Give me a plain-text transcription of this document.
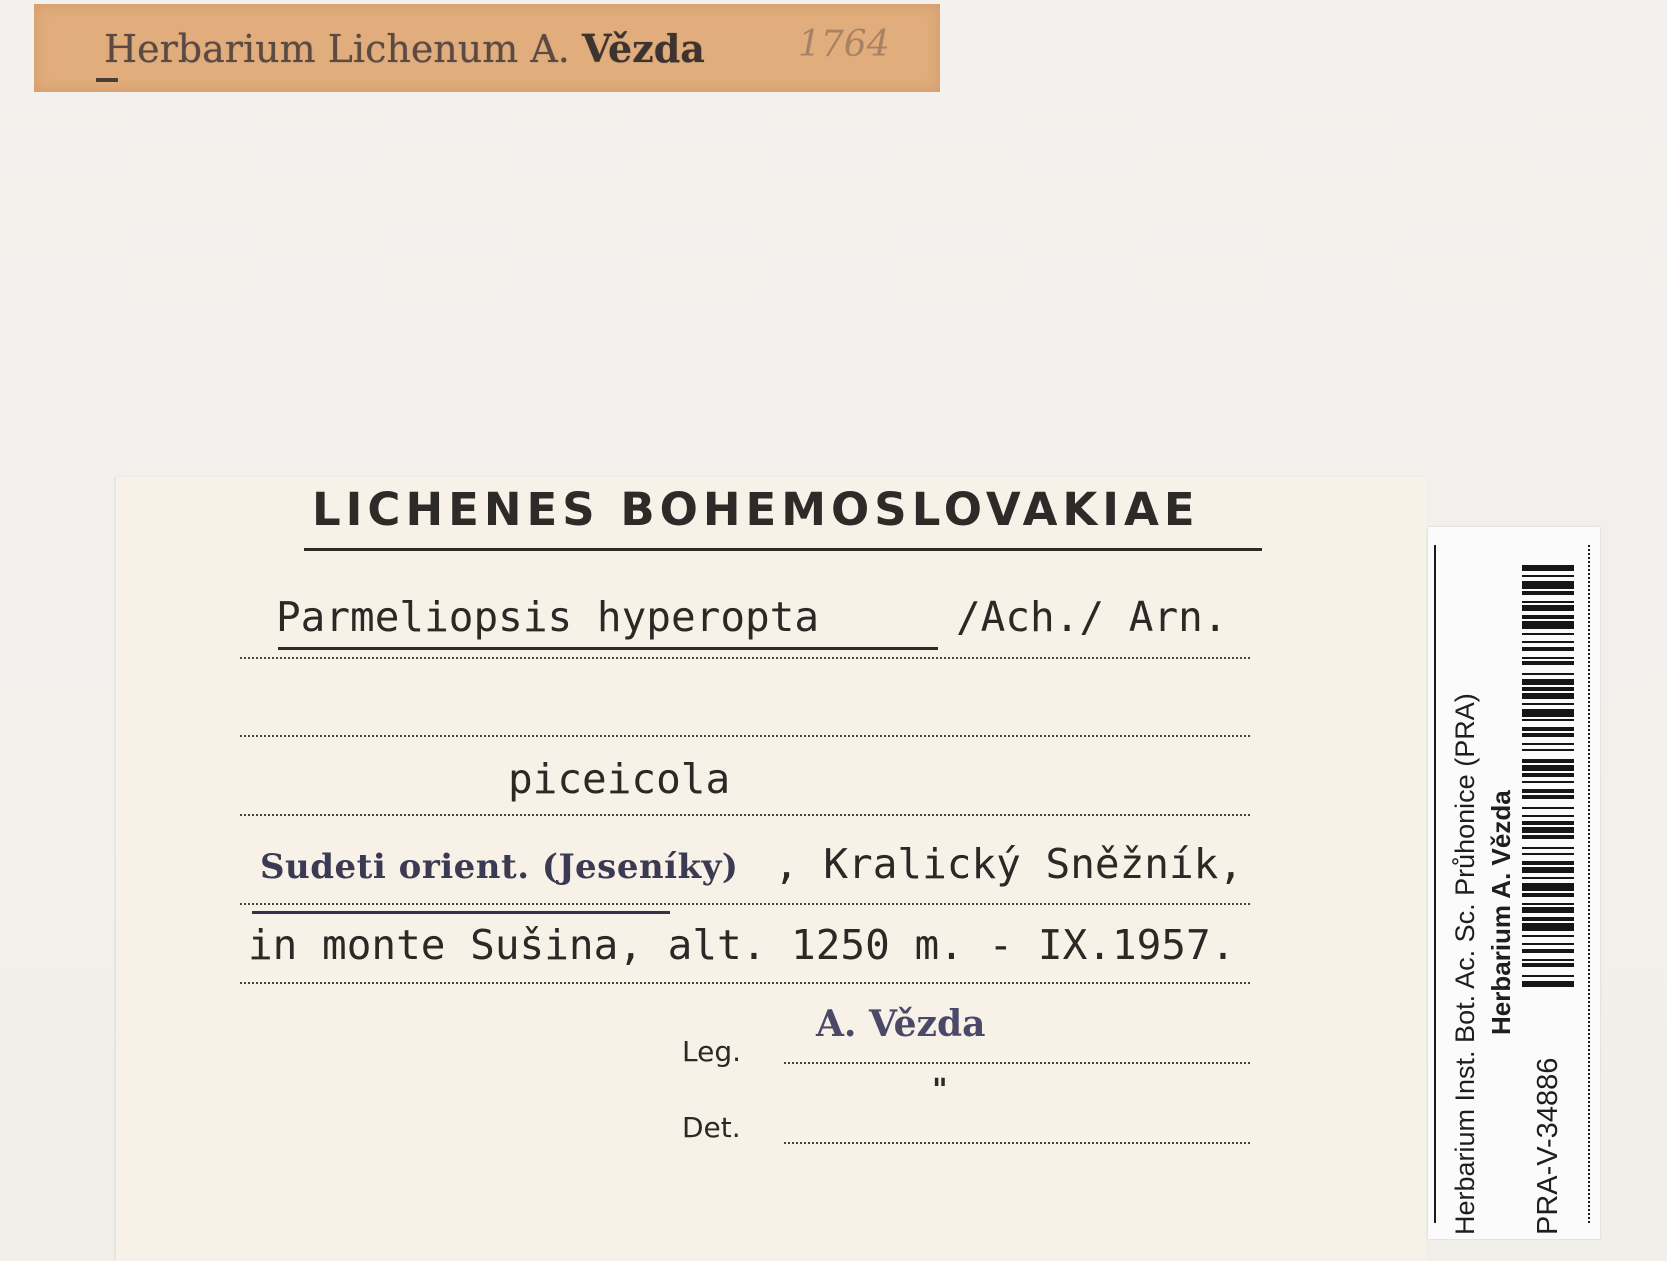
Herbarium Lichenum A. Vězda	1764
LICHENES BOHEMOSLOVAKIAE
Parmeliopsis hyperopta	/Ach./ Arn.
piceicola
Sudeti orient. (Jeseníky) , Kralický Sněžník,
in monte Sušina, alt. 1250 m. - IX.1957.
Leg.
A. Vězda
Det.
"	Herbarium Inst. Bot. Ac. Sc. Průhonice (PRA) Herbarium A. Vězda
PRA-V-34886
